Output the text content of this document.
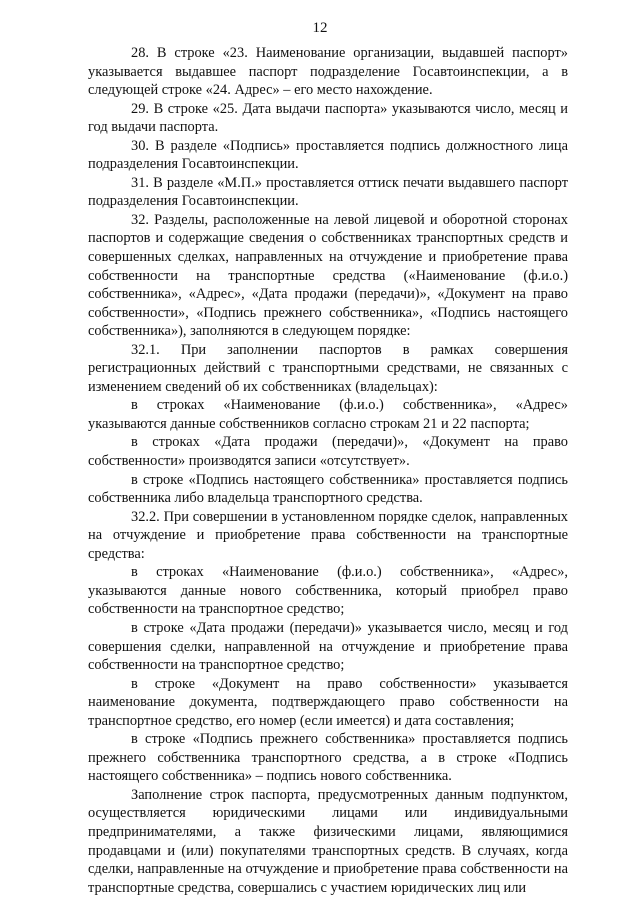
12

28. В строке «23. Наименование организации, выдавшей паспорт» указывается выдавшее паспорт подразделение Госавтоинспекции, а в следующей строке «24. Адрес» – его место нахождение.

29. В строке «25. Дата выдачи паспорта» указываются число, месяц и год выдачи паспорта.

30. В разделе «Подпись» проставляется подпись должностного лица подразделения Госавтоинспекции.

31. В разделе «М.П.» проставляется оттиск печати выдавшего паспорт подразделения Госавтоинспекции.

32. Разделы, расположенные на левой лицевой и оборотной сторонах паспортов и содержащие сведения о собственниках транспортных средств и совершенных сделках, направленных на отчуждение и приобретение права собственности на транспортные средства («Наименование (ф.и.о.) собственника», «Адрес», «Дата продажи (передачи)», «Документ на право собственности», «Подпись прежнего собственника», «Подпись настоящего собственника»), заполняются в следующем порядке:

32.1. При заполнении паспортов в рамках совершения регистрационных действий с транспортными средствами, не связанных с изменением сведений об их собственниках (владельцах):

в строках «Наименование (ф.и.о.) собственника», «Адрес» указываются данные собственников согласно строкам 21 и 22 паспорта;

в строках «Дата продажи (передачи)», «Документ на право собственности» производятся записи «отсутствует».

в строке «Подпись настоящего собственника» проставляется подпись собственника либо владельца транспортного средства.

32.2. При совершении в установленном порядке сделок, направленных на отчуждение и приобретение права собственности на транспортные средства:

в строках «Наименование (ф.и.о.) собственника», «Адрес», указываются данные нового собственника, который приобрел право собственности на транспортное средство;

в строке «Дата продажи (передачи)» указывается число, месяц и год совершения сделки, направленной на отчуждение и приобретение права собственности на транспортное средство;

в строке «Документ на право собственности» указывается наименование документа, подтверждающего право собственности на транспортное средство, его номер (если имеется) и дата составления;

в строке «Подпись прежнего собственника» проставляется подпись прежнего собственника транспортного средства, а в строке «Подпись настоящего собственника» – подпись нового собственника.

Заполнение строк паспорта, предусмотренных данным подпунктом, осуществляется юридическими лицами или индивидуальными предпринимателями, а также физическими лицами, являющимися продавцами и (или) покупателями транспортных средств. В случаях, когда сделки, направленные на отчуждение и приобретение права собственности на транспортные средства, совершались с участием юридических лиц или
